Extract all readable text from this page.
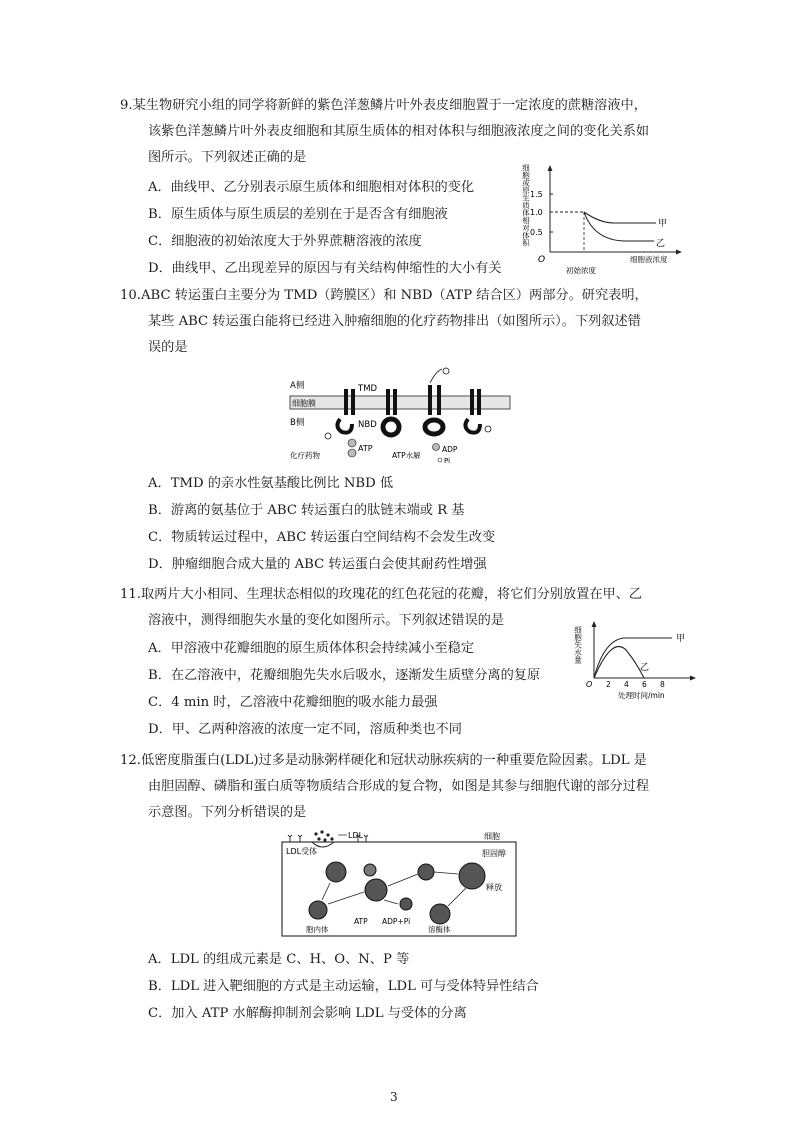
9.某生物研究小组的同学将新鲜的紫色洋葱鳞片叶外表皮细胞置于一定浓度的蔗糖溶液中，
该紫色洋葱鳞片叶外表皮细胞和其原生质体的相对体积与细胞液浓度之间的变化关系如
图所示。下列叙述正确的是
A．曲线甲、乙分别表示原生质体和细胞相对体积的变化
B．原生质体与原生质层的差别在于是否含有细胞液
C．细胞液的初始浓度大于外界蔗糖溶液的浓度
D．曲线甲、乙出现差异的原因与有关结构伸缩性的大小有关
细胞或原生质体相对体积 1.5
1.0
0.5
甲
乙
O
初始浓度
细胞液浓度
10.ABC 转运蛋白主要分为 TMD（跨膜区）和 NBD（ATP 结合区）两部分。研究表明，
某些 ABC 转运蛋白能将已经进入肿瘤细胞的化疗药物排出（如图所示）。下列叙述错
误的是
A侧
B侧
细胞膜
TMD
NBD
ATP
化疗药物	ATP水解
ADP
Pi
A．TMD 的亲水性氨基酸比例比 NBD 低
B．游离的氨基位于 ABC 转运蛋白的肽链末端或 R 基
C．物质转运过程中，ABC 转运蛋白空间结构不会发生改变
D．肿瘤细胞合成大量的 ABC 转运蛋白会使其耐药性增强
11.取两片大小相同、生理状态相似的玫瑰花的红色花冠的花瓣，将它们分别放置在甲、乙
溶液中，测得细胞失水量的变化如图所示。下列叙述错误的是
A．甲溶液中花瓣细胞的原生质体体积会持续减小至稳定
B．在乙溶液中，花瓣细胞先失水后吸水，逐渐发生质壁分离的复原
C．4 min 时，乙溶液中花瓣细胞的吸水能力最强
D．甲、乙两种溶液的浓度一定不同，溶质种类也不同
细胞失水量	甲
乙
O 2 4 6 8
处理时间/min
12.低密度脂蛋白(LDL)过多是动脉粥样硬化和冠状动脉疾病的一种重要危险因素。LDL 是
由胆固醇、磷脂和蛋白质等物质结合形成的复合物，如图是其参与细胞代谢的部分过程
示意图。下列分析错误的是
细胞
LDL
LDL受体
胞内体	溶酶体
胆固醇
释放
ATP ADP+Pi
A．LDL 的组成元素是 C、H、O、N、P 等
B．LDL 进入靶细胞的方式是主动运输，LDL 可与受体特异性结合
C．加入 ATP 水解酶抑制剂会影响 LDL 与受体的分离
3
